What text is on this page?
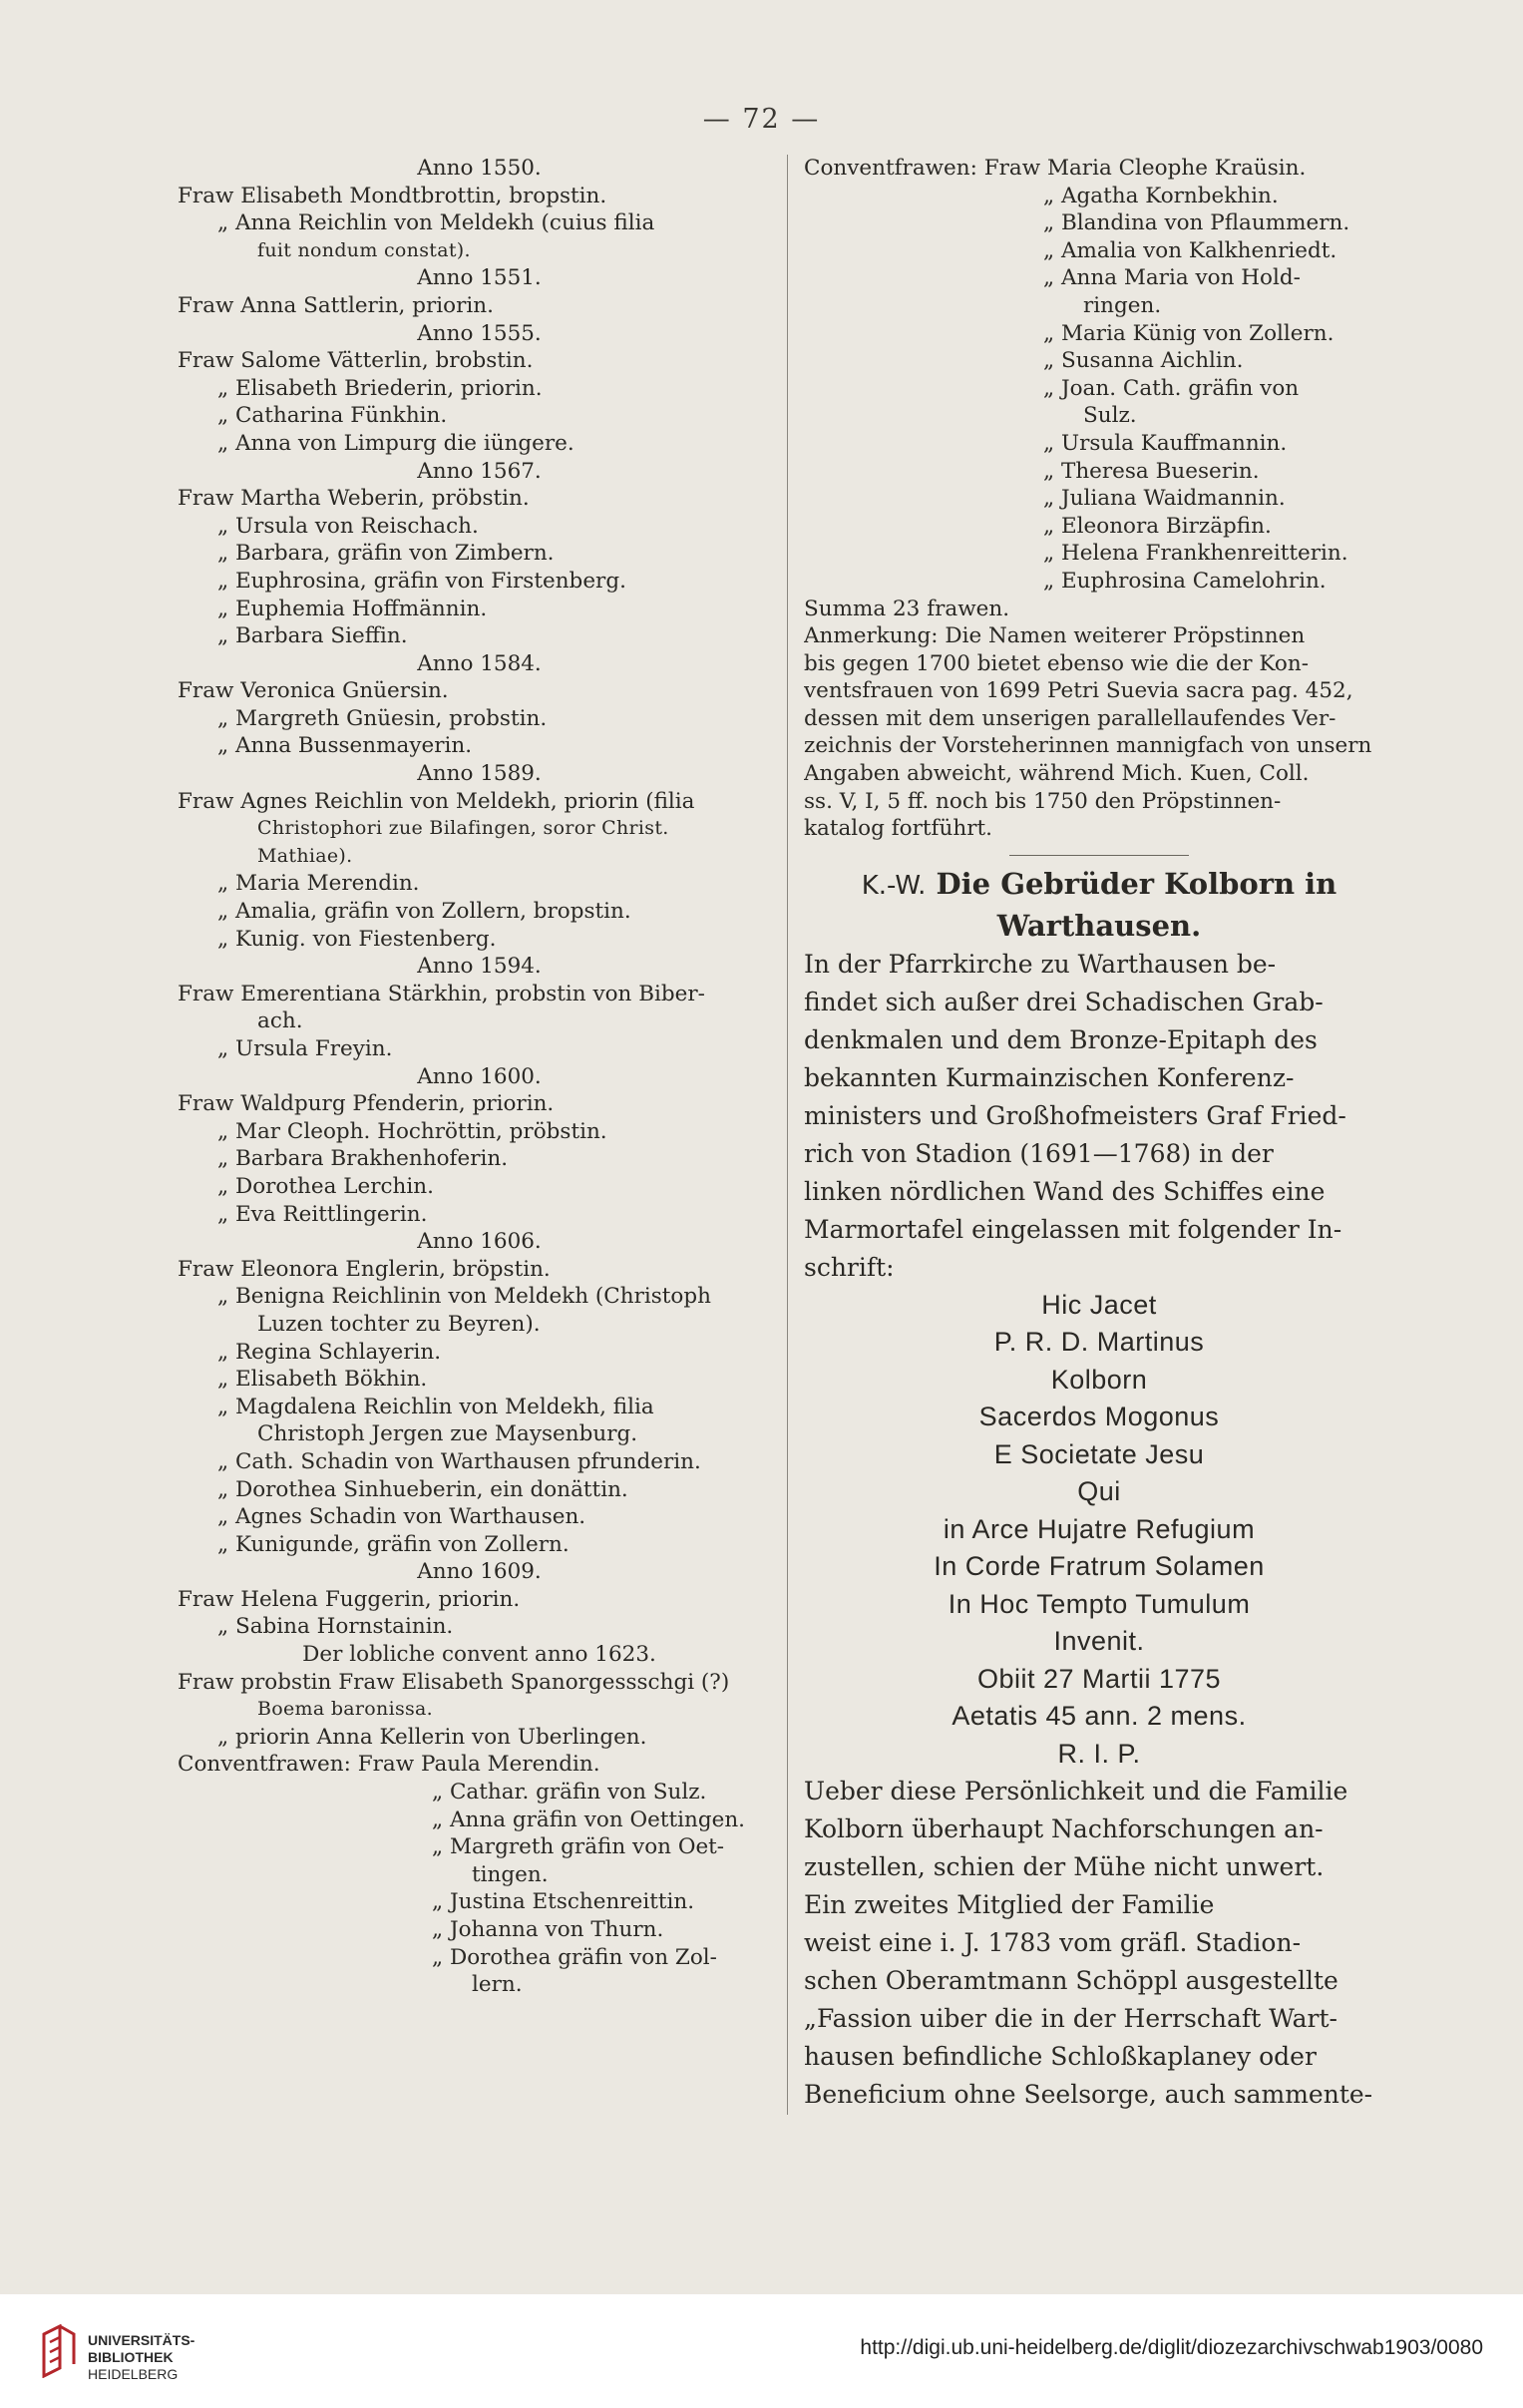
— 72 —
Anno 1550.
Fraw Elisabeth Mondtbrottin, bropstin.
„ Anna Reichlin von Meldekh (cuius filia
fuit nondum constat).
Anno 1551.
Fraw Anna Sattlerin, priorin.
Anno 1555.
Fraw Salome Vätterlin, brobstin.
„ Elisabeth Briederin, priorin.
„ Catharina Fünkhin.
„ Anna von Limpurg die iüngere.
Anno 1567.
Fraw Martha Weberin, pröbstin.
„ Ursula von Reischach.
„ Barbara, gräfin von Zimbern.
„ Euphrosina, gräfin von Firstenberg.
„ Euphemia Hoffmännin.
„ Barbara Sieffin.
Anno 1584.
Fraw Veronica Gnüersin.
„ Margreth Gnüesin, probstin.
„ Anna Bussenmayerin.
Anno 1589.
Fraw Agnes Reichlin von Meldekh, priorin (filia
Christophori zue Bilafingen, soror Christ.
Mathiae).
„ Maria Merendin.
„ Amalia, gräfin von Zollern, bropstin.
„ Kunig. von Fiestenberg.
Anno 1594.
Fraw Emerentiana Stärkhin, probstin von Biber-
ach.
„ Ursula Freyin.
Anno 1600.
Fraw Waldpurg Pfenderin, priorin.
„ Mar Cleoph. Hochröttin, pröbstin.
„ Barbara Brakhenhoferin.
„ Dorothea Lerchin.
„ Eva Reittlingerin.
Anno 1606.
Fraw Eleonora Englerin, bröpstin.
„ Benigna Reichlinin von Meldekh (Christoph
Luzen tochter zu Beyren).
„ Regina Schlayerin.
„ Elisabeth Bökhin.
„ Magdalena Reichlin von Meldekh, filia
Christoph Jergen zue Maysenburg.
„ Cath. Schadin von Warthausen pfrunderin.
„ Dorothea Sinhueberin, ein donättin.
„ Agnes Schadin von Warthausen.
„ Kunigunde, gräfin von Zollern.
Anno 1609.
Fraw Helena Fuggerin, priorin.
„ Sabina Hornstainin.
Der lobliche convent anno 1623.
Fraw probstin Fraw Elisabeth Spanorgessschgi (?)
Boema baronissa.
„ priorin Anna Kellerin von Uberlingen.
Conventfrawen: Fraw Paula Merendin.
„ Cathar. gräfin von Sulz.
„ Anna gräfin von Oettingen.
„ Margreth gräfin von Oet-
tingen.
„ Justina Etschenreittin.
„ Johanna von Thurn.
„ Dorothea gräfin von Zol-
lern.
Conventfrawen: Fraw Maria Cleophe Kraüsin.
„ Agatha Kornbekhin.
„ Blandina von Pflaummern.
„ Amalia von Kalkhenriedt.
„ Anna Maria von Hold-
ringen.
„ Maria Künig von Zollern.
„ Susanna Aichlin.
„ Joan. Cath. gräfin von
Sulz.
„ Ursula Kauffmannin.
„ Theresa Bueserin.
„ Juliana Waidmannin.
„ Eleonora Birzäpfin.
„ Helena Frankhenreitterin.
„ Euphrosina Camelohrin.
Summa 23 frawen.
Anmerkung: Die Namen weiterer Pröpstinnen
bis gegen 1700 bietet ebenso wie die der Kon-
ventsfrauen von 1699 Petri Suevia sacra pag. 452,
dessen mit dem unserigen parallellaufendes Ver-
zeichnis der Vorsteherinnen mannigfach von unsern
Angaben abweicht, während Mich. Kuen, Coll.
ss. V, I, 5 ff. noch bis 1750 den Pröpstinnen-
katalog fortführt.
K.-W. Die Gebrüder Kolborn in
Warthausen.
In der Pfarrkirche zu Warthausen be-
findet sich außer drei Schadischen Grab-
denkmalen und dem Bronze-Epitaph des
bekannten Kurmainzischen Konferenz-
ministers und Großhofmeisters Graf Fried-
rich von Stadion (1691—1768) in der
linken nördlichen Wand des Schiffes eine
Marmortafel eingelassen mit folgender In-
schrift:
Hic Jacet
P. R. D. Martinus
Kolborn
Sacerdos Mogonus
E Societate Jesu
Qui
in Arce Hujatre Refugium
In Corde Fratrum Solamen
In Hoc Tempto Tumulum
Invenit.
Obiit 27 Martii 1775
Aetatis 45 ann. 2 mens.
R. I. P.
Ueber diese Persönlichkeit und die Familie
Kolborn überhaupt Nachforschungen an-
zustellen, schien der Mühe nicht unwert.
Ein zweites Mitglied der Familie
weist eine i. J. 1783 vom gräfl. Stadion-
schen Oberamtmann Schöppl ausgestellte
„Fassion uiber die in der Herrschaft Wart-
hausen befindliche Schloßkaplaney oder
Beneficium ohne Seelsorge, auch sammente-
UNIVERSITÄTS-
BIBLIOTHEK
HEIDELBERG
http://digi.ub.uni-heidelberg.de/diglit/diozezarchivschwab1903/0080
